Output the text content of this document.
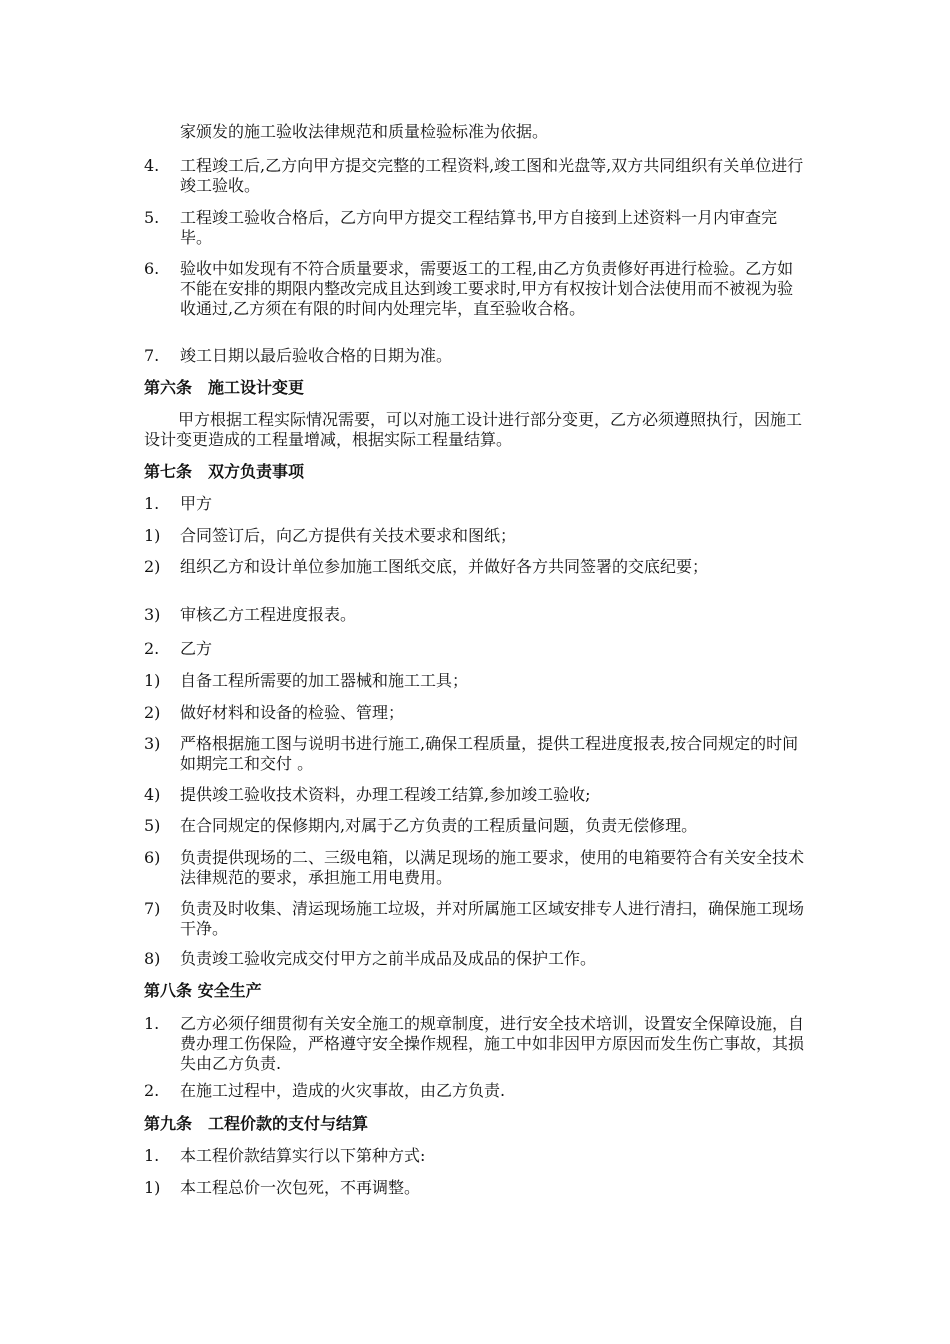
家颁发的施工验收法律规范和质量检验标准为依据。
4.	工程竣工后,乙方向甲方提交完整的工程资料,竣工图和光盘等,双方共同组织有关单位进行竣工验收。
5.	工程竣工验收合格后，乙方向甲方提交工程结算书,甲方自接到上述资料一月内审查完毕。
6.	验收中如发现有不符合质量要求，需要返工的工程,由乙方负责修好再进行检验。乙方如不能在安排的期限内整改完成且达到竣工要求时,甲方有权按计划合法使用而不被视为验收通过,乙方须在有限的时间内处理完毕，直至验收合格。
7.	竣工日期以最后验收合格的日期为准。
第六条　施工设计变更
甲方根据工程实际情况需要，可以对施工设计进行部分变更，乙方必须遵照执行，因施工设计变更造成的工程量增减，根据实际工程量结算。
第七条　双方负责事项
1.	甲方
1)	合同签订后，向乙方提供有关技术要求和图纸；
2)	组织乙方和设计单位参加施工图纸交底，并做好各方共同签署的交底纪要；
3)	审核乙方工程进度报表。
2.	乙方
1)	自备工程所需要的加工器械和施工工具；
2)	做好材料和设备的检验、管理；
3)	严格根据施工图与说明书进行施工,确保工程质量，提供工程进度报表,按合同规定的时间如期完工和交付 。
4)	提供竣工验收技术资料，办理工程竣工结算,参加竣工验收;
5)	在合同规定的保修期内,对属于乙方负责的工程质量问题，负责无偿修理。
6)	负责提供现场的二、三级电箱，以满足现场的施工要求，使用的电箱要符合有关安全技术法律规范的要求，承担施工用电费用。
7)	负责及时收集、清运现场施工垃圾，并对所属施工区域安排专人进行清扫，确保施工现场干净。
8)	负责竣工验收完成交付甲方之前半成品及成品的保护工作。
第八条 安全生产
1.	乙方必须仔细贯彻有关安全施工的规章制度，进行安全技术培训，设置安全保障设施，自费办理工伤保险，严格遵守安全操作规程，施工中如非因甲方原因而发生伤亡事故，其损失由乙方负责.
2.	在施工过程中，造成的火灾事故，由乙方负责.
第九条　工程价款的支付与结算
1.	本工程价款结算实行以下第种方式:
1)	本工程总价一次包死，不再调整。
